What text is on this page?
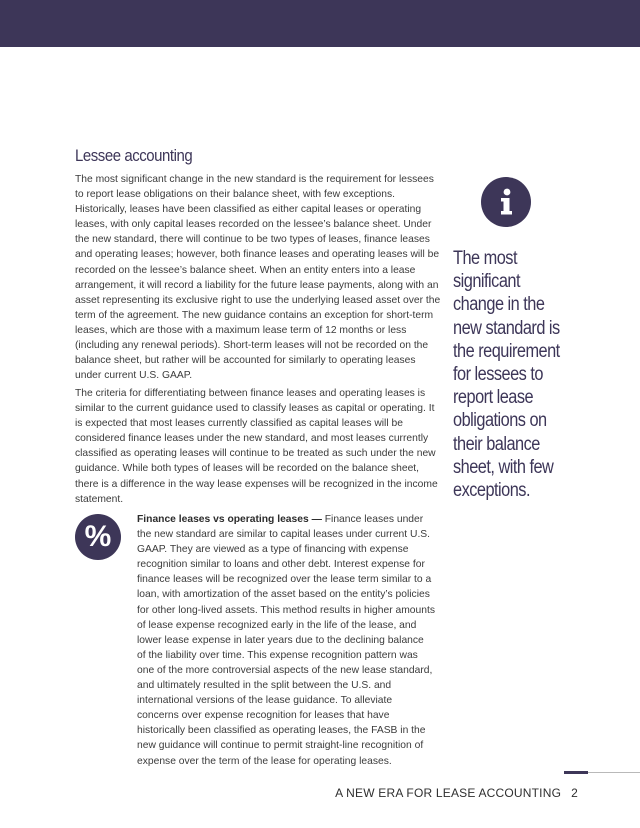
Lessee accounting

The most significant change in the new standard is the requirement for lessees to report lease obligations on their balance sheet, with few exceptions. Historically, leases have been classified as either capital leases or operating leases, with only capital leases recorded on the lessee’s balance sheet. Under the new standard, there will continue to be two types of leases, finance leases and operating leases; however, both finance leases and operating leases will be recorded on the lessee’s balance sheet. When an entity enters into a lease arrangement, it will record a liability for the future lease payments, along with an asset representing its exclusive right to use the underlying leased asset over the term of the agreement. The new guidance contains an exception for short-term leases, which are those with a maximum lease term of 12 months or less (including any renewal periods). Short-term leases will not be recorded on the balance sheet, but rather will be accounted for similarly to operating leases under current U.S. GAAP.

The criteria for differentiating between finance leases and operating leases is similar to the current guidance used to classify leases as capital or operating. It is expected that most leases currently classified as capital leases will be considered finance leases under the new standard, and most leases currently classified as operating leases will continue to be treated as such under the new guidance. While both types of leases will be recorded on the balance sheet, there is a difference in the way lease expenses will be recognized in the income statement.

The most significant change in the new standard is the requirement for lessees to report lease obligations on their balance sheet, with few exceptions.

%

Finance leases vs operating leases — Finance leases under the new standard are similar to capital leases under current U.S. GAAP. They are viewed as a type of financing with expense recognition similar to loans and other debt. Interest expense for finance leases will be recognized over the lease term similar to a loan, with amortization of the asset based on the entity’s policies for other long-lived assets. This method results in higher amounts of lease expense recognized early in the life of the lease, and lower lease expense in later years due to the declining balance of the liability over time. This expense recognition pattern was one of the more controversial aspects of the new lease standard, and ultimately resulted in the split between the U.S. and international versions of the lease guidance. To alleviate concerns over expense recognition for leases that have historically been classified as operating leases, the FASB in the new guidance will continue to permit straight-line recognition of expense over the term of the lease for operating leases.

A NEW ERA FOR LEASE ACCOUNTING 2
